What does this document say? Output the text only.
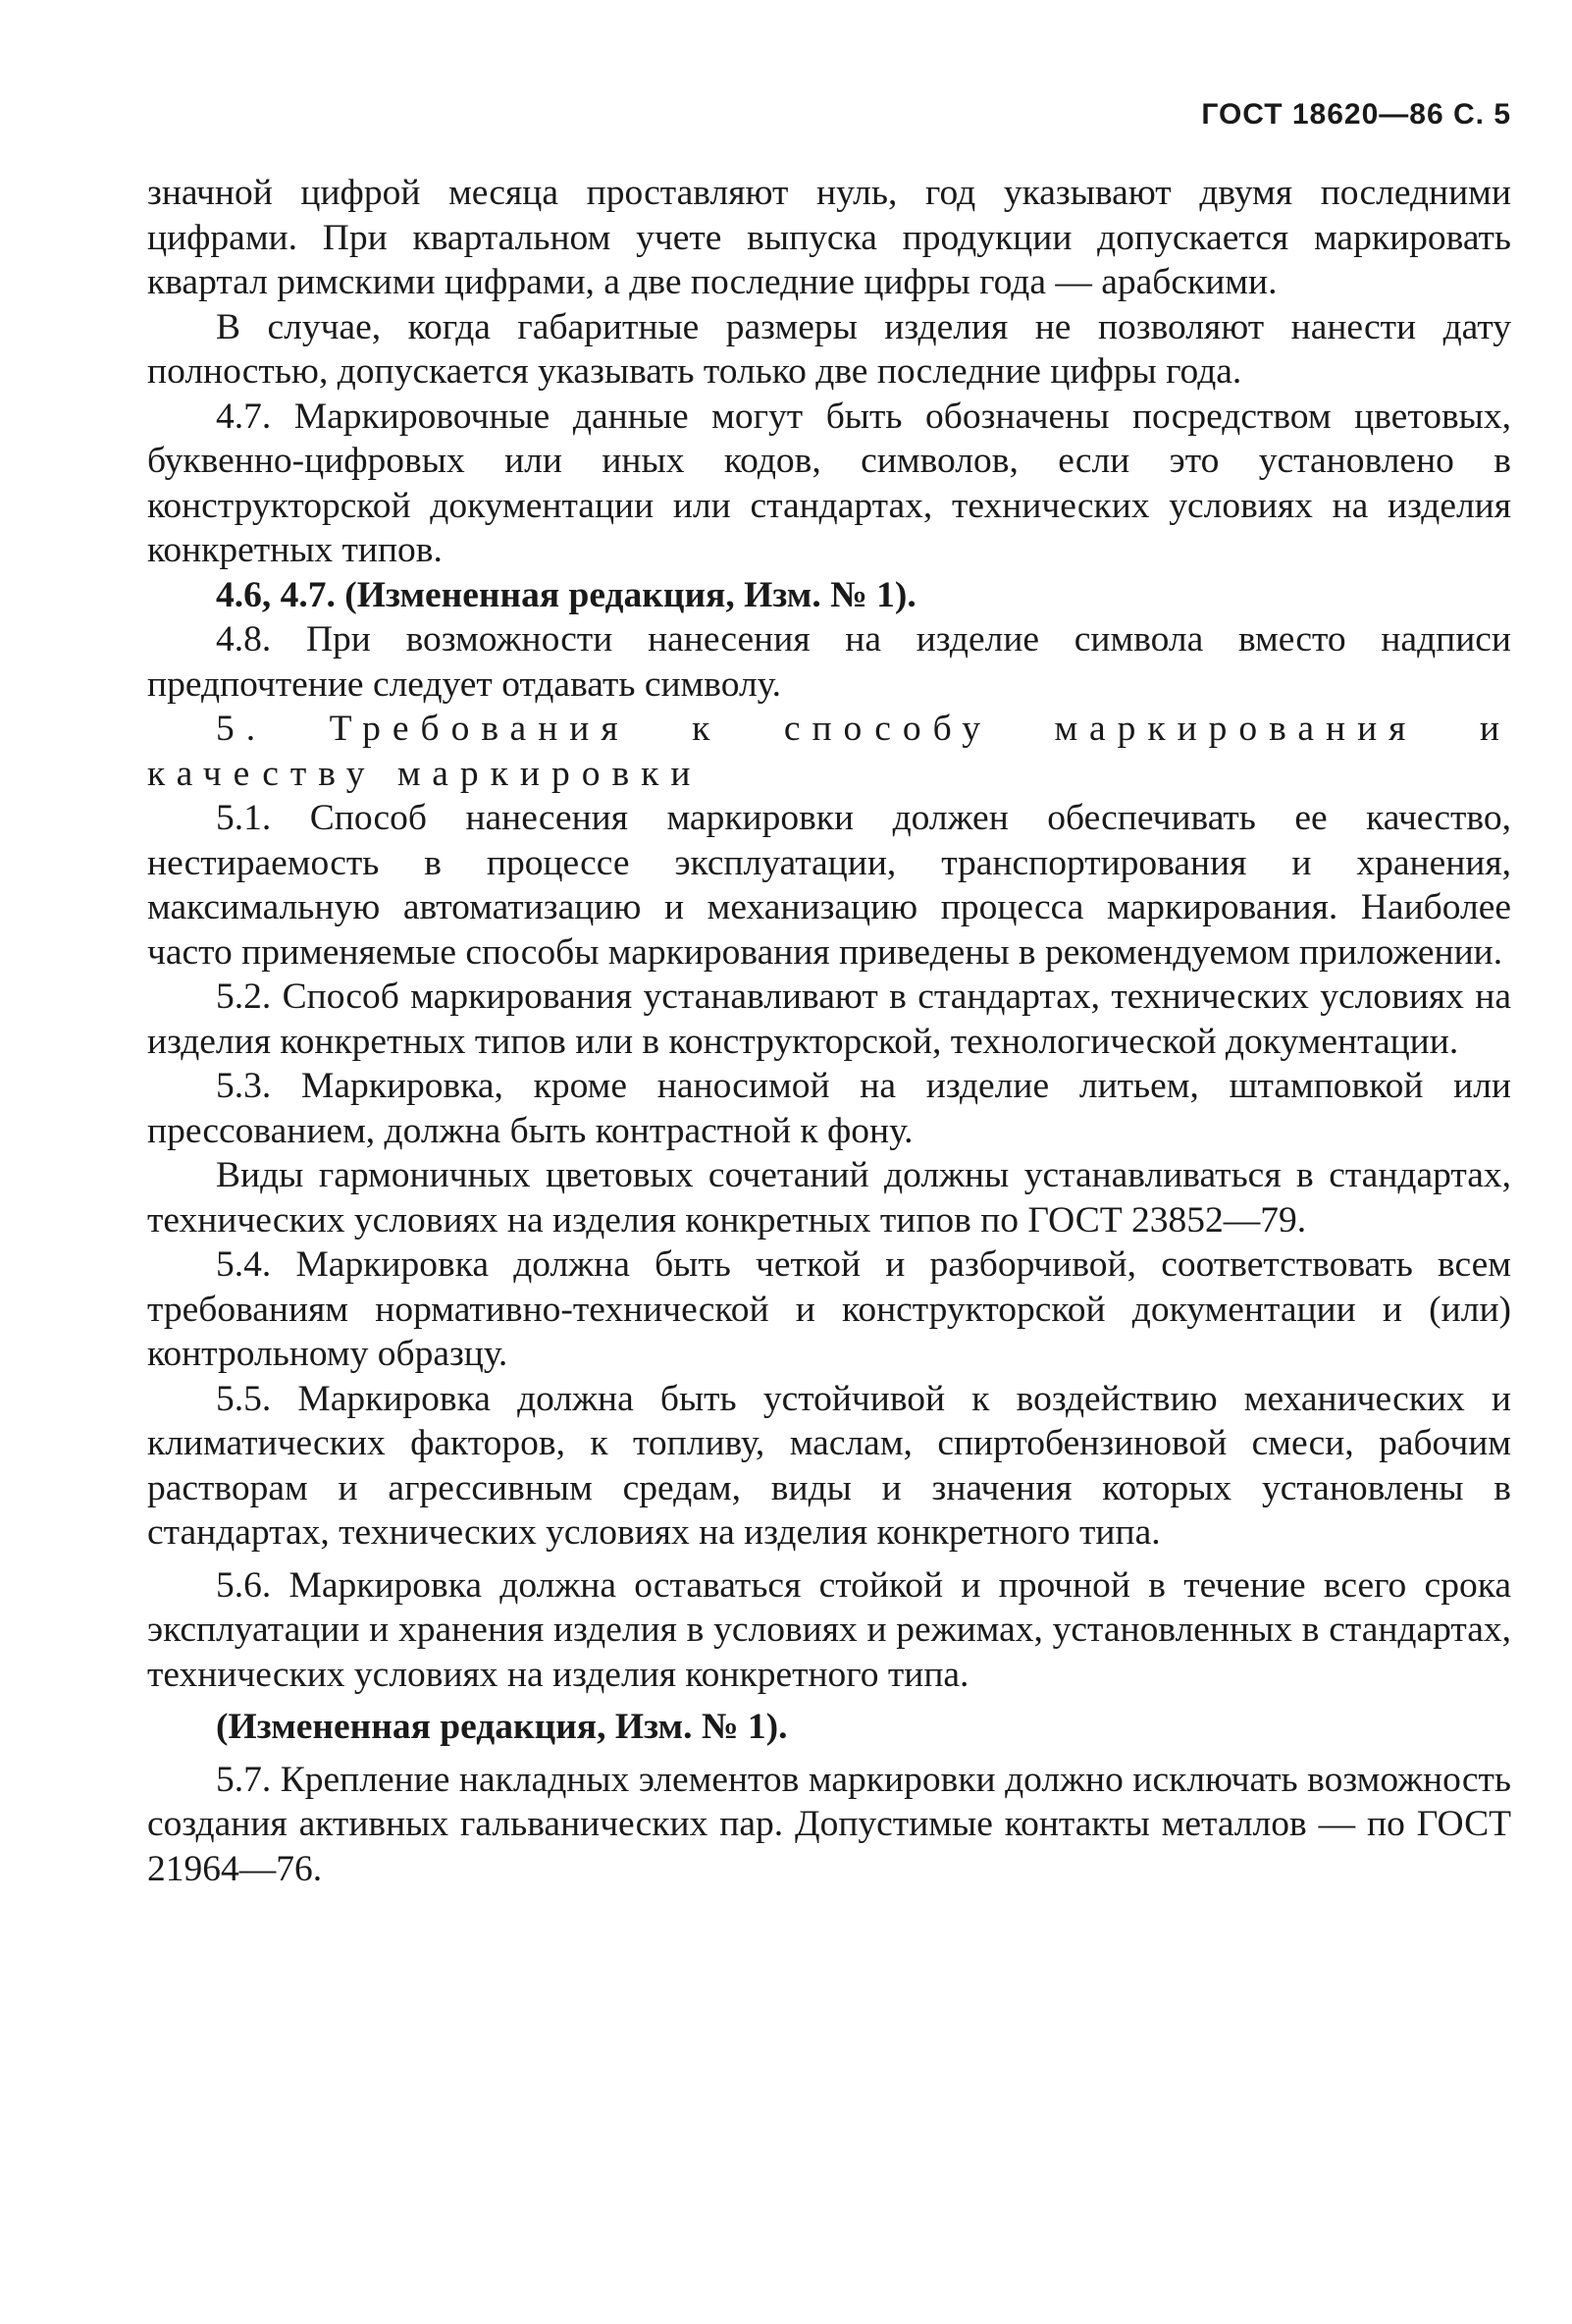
ГОСТ 18620—86 С. 5

значной цифрой месяца проставляют нуль, год указывают двумя последними цифрами. При квартальном учете выпуска продукции допускается маркировать квартал римскими цифрами, а две последние цифры года — арабскими.

В случае, когда габаритные размеры изделия не позволяют нанести дату полностью, допускается указывать только две последние цифры года.

4.7. Маркировочные данные могут быть обозначены посредством цветовых, буквенно-цифровых или иных кодов, символов, если это установлено в конструкторской документации или стандартах, технических условиях на изделия конкретных типов.

4.6, 4.7. (Измененная редакция, Изм. № 1).

4.8. При возможности нанесения на изделие символа вместо надписи предпочтение следует отдавать символу.

5. Требования к способу маркирования и качеству маркировки

5.1. Способ нанесения маркировки должен обеспечивать ее качество, нестираемость в процессе эксплуатации, транспортирования и хранения, максимальную автоматизацию и механизацию процесса маркирования. Наиболее часто применяемые способы маркирования приведены в рекомендуемом приложении.

5.2. Способ маркирования устанавливают в стандартах, технических условиях на изделия конкретных типов или в конструкторской, технологической документации.

5.3. Маркировка, кроме наносимой на изделие литьем, штамповкой или прессованием, должна быть контрастной к фону.

Виды гармоничных цветовых сочетаний должны устанавливаться в стандартах, технических условиях на изделия конкретных типов по ГОСТ 23852—79.

5.4. Маркировка должна быть четкой и разборчивой, соответствовать всем требованиям нормативно-технической и конструкторской документации и (или) контрольному образцу.

5.5. Маркировка должна быть устойчивой к воздействию механических и климатических факторов, к топливу, маслам, спиртобензиновой смеси, рабочим растворам и агрессивным средам, виды и значения которых установлены в стандартах, технических условиях на изделия конкретного типа.

5.6. Маркировка должна оставаться стойкой и прочной в течение всего срока эксплуатации и хранения изделия в условиях и режимах, установленных в стандартах, технических условиях на изделия конкретного типа.

(Измененная редакция, Изм. № 1).

5.7. Крепление накладных элементов маркировки должно исключать возможность создания активных гальванических пар. Допустимые контакты металлов — по ГОСТ 21964—76.
